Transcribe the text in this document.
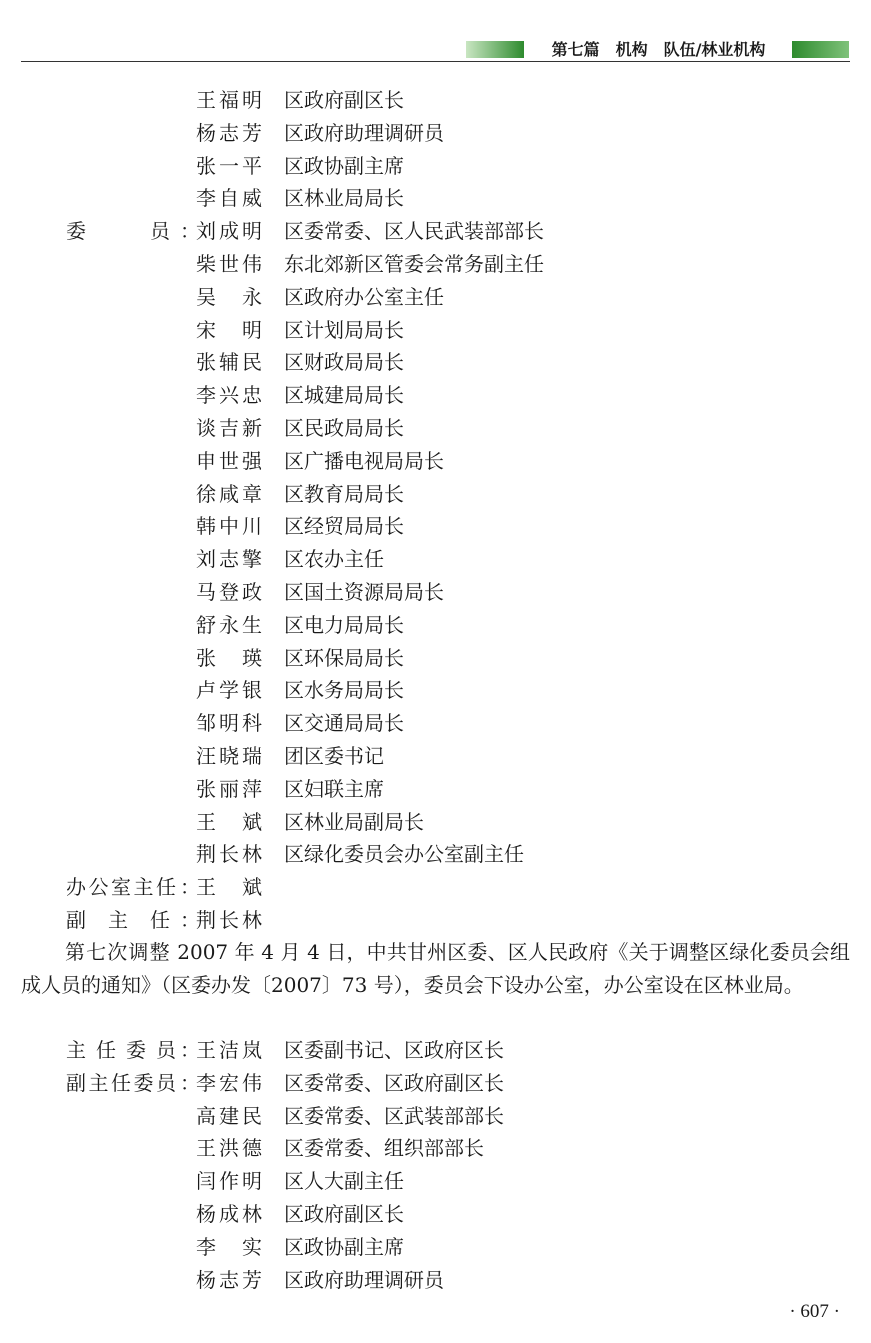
第七篇　机构　队伍/林业机构
王 福 明 区政府副区长
杨 志 芳 区政府助理调研员
张 一 平 区政协副主席
李 自 威 区林业局局长
委	员 ：
刘 成 明 区委常委、区人民武装部部长
柴 世 伟 东北郊新区管委会常务副主任
吴 永 区政府办公室主任
宋 明 区计划局局长
张 辅 民 区财政局局长
李 兴 忠 区城建局局长
谈 吉 新 区民政局局长
申 世 强 区广播电视局局长
徐 咸 章 区教育局局长
韩 中 川 区经贸局局长
刘 志 擎 区农办主任
马 登 政 区国土资源局局长
舒 永 生 区电力局局长
张 瑛 区环保局局长
卢 学 银 区水务局局长
邹 明 科 区交通局局长
汪 晓 瑞 团区委书记
张 丽 萍 区妇联主席
王 斌 区林业局副局长
荆 长 林 区绿化委员会办公室副主任
办 公 室 主 任 ：
王 斌
副 主 任 ：
荆 长 林
第七次调整 2007 年 4 月 4 日，中共甘州区委、区人民政府《关于调整区绿化委员会组成人员的通知》（区委办发〔2007〕73 号），委员会下设办公室，办公室设在区林业局。
主 任 委 员 ：
王 洁 岚 区委副书记、区政府区长
副 主 任 委 员 ：
李 宏 伟 区委常委、区政府副区长
高 建 民 区委常委、区武装部部长
王 洪 德 区委常委、组织部部长
闫 作 明 区人大副主任
杨 成 林 区政府副区长
李 实 区政协副主席
杨 志 芳 区政府助理调研员
· 607 ·
